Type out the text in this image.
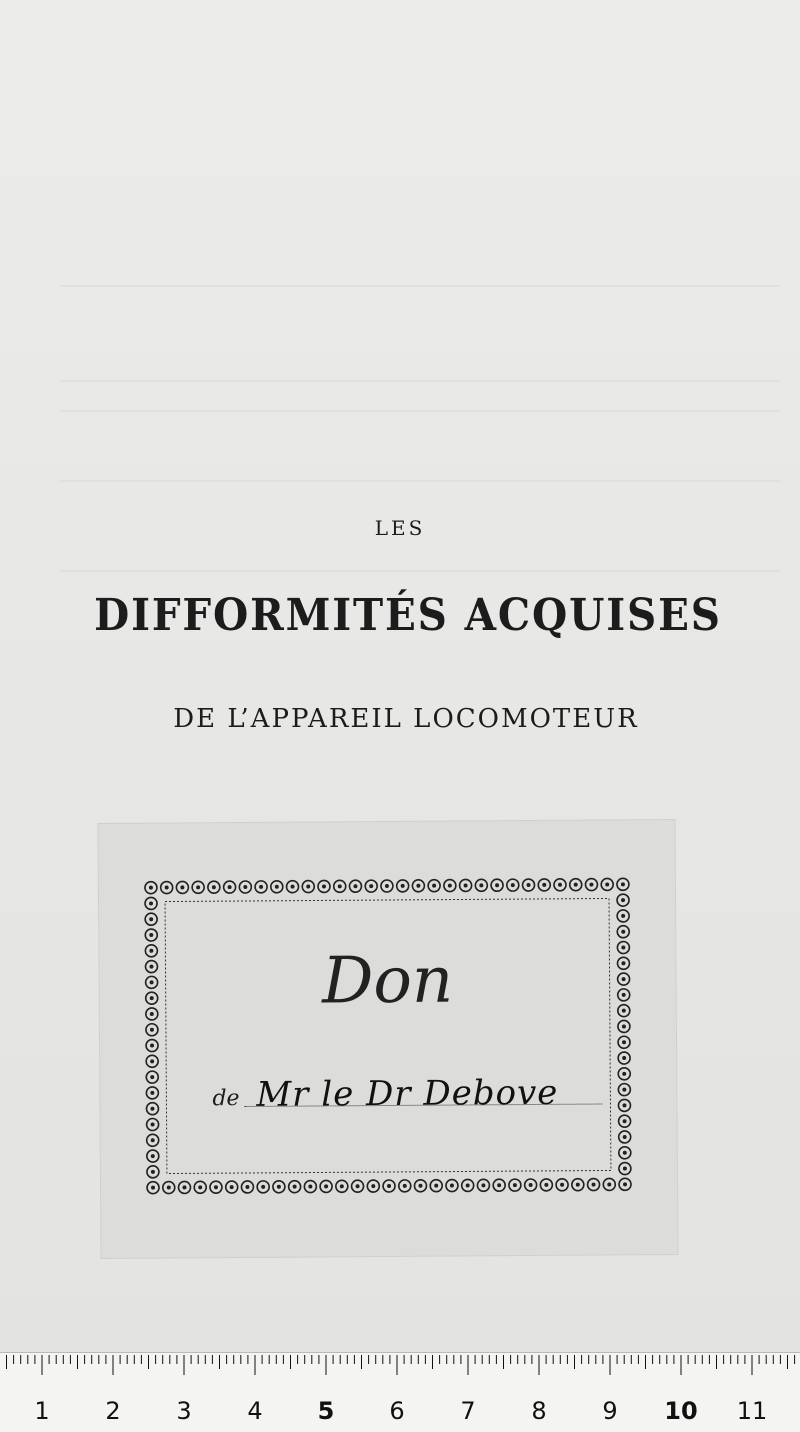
LES
DIFFORMITÉS ACQUISES
DE L’APPAREIL LOCOMOTEUR
Don
de Mr le Dr Debove
1 2 3 4 5 6 7 8 9 10 11
